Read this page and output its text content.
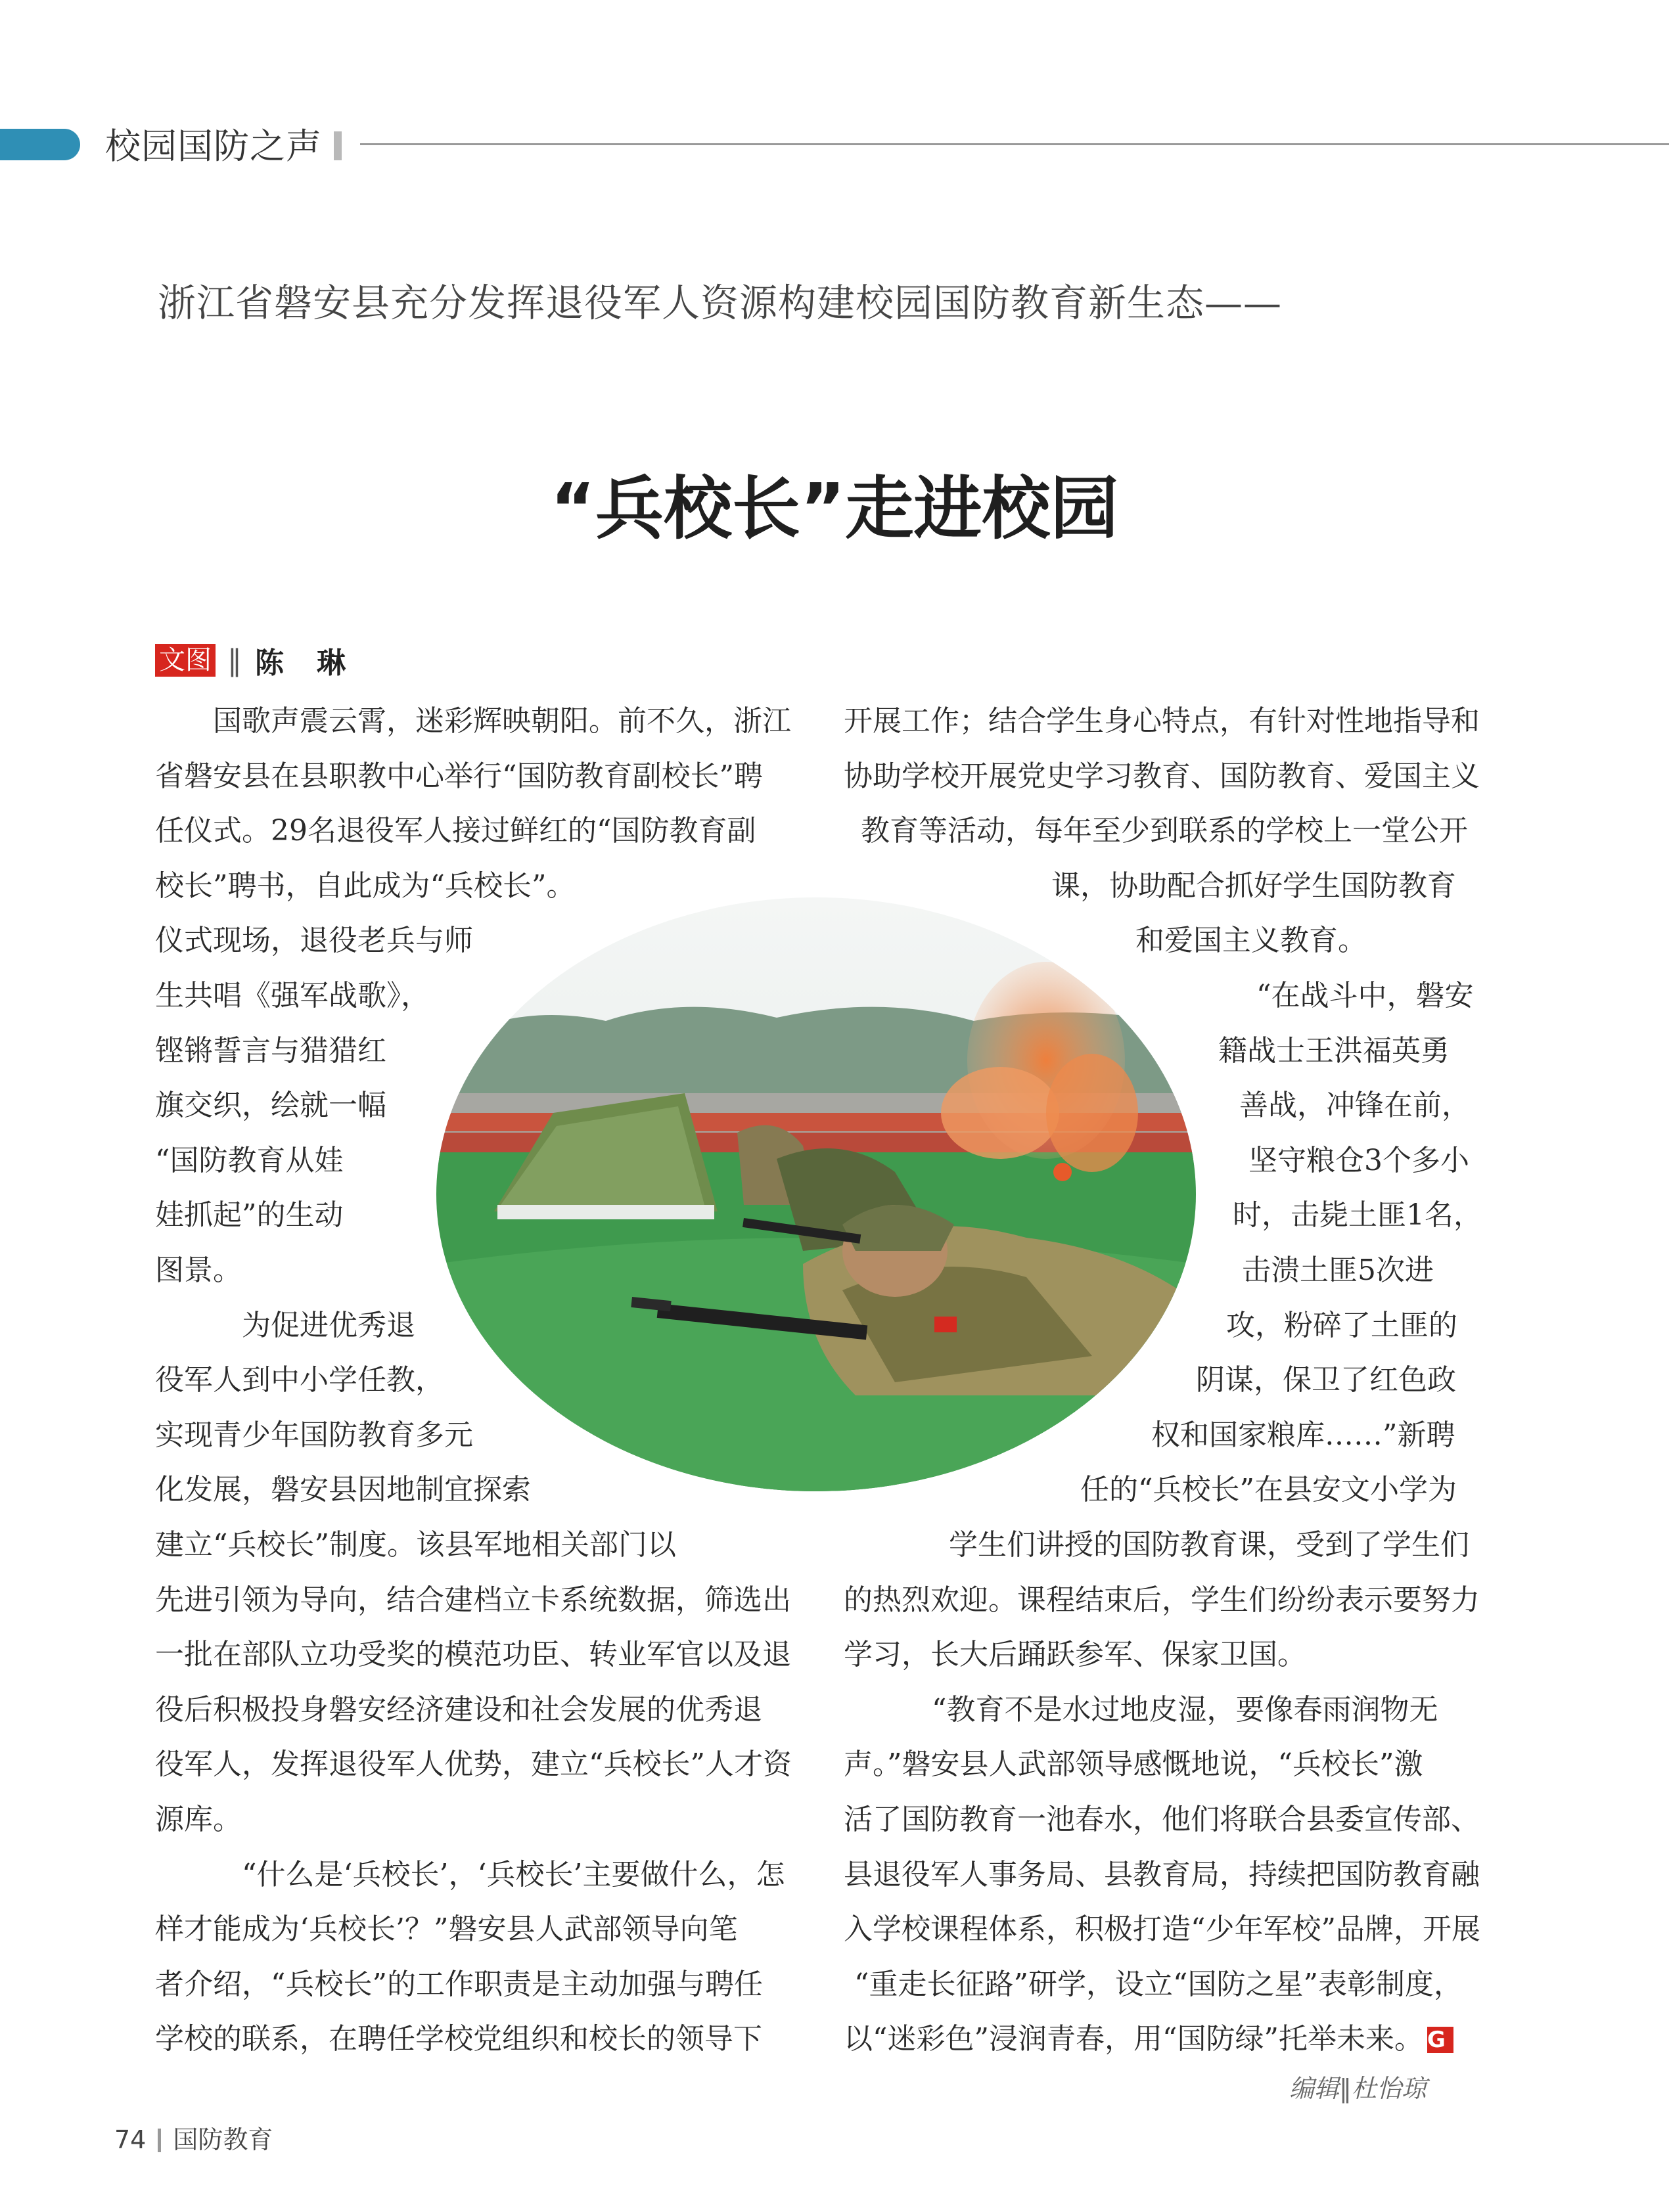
校园国防之声
浙江省磐安县充分发挥退役军人资源构建校园国防教育新生态——
“兵校长”走进校园
文图 ‖ 陈琳
国歌声震云霄，迷彩辉映朝阳。前不久，浙江
省磐安县在县职教中心举行“国防教育副校长”聘
任仪式。29名退役军人接过鲜红的“国防教育副
校长”聘书，自此成为“兵校长”。
仪式现场，退役老兵与师
生共唱《强军战歌》，
铿锵誓言与猎猎红
旗交织，绘就一幅
“国防教育从娃
娃抓起”的生动
图景。
为促进优秀退
役军人到中小学任教，
实现青少年国防教育多元
化发展，磐安县因地制宜探索
建立“兵校长”制度。该县军地相关部门以
先进引领为导向，结合建档立卡系统数据，筛选出
一批在部队立功受奖的模范功臣、转业军官以及退
役后积极投身磐安经济建设和社会发展的优秀退
役军人，发挥退役军人优势，建立“兵校长”人才资
源库。
“什么是‘兵校长’，‘兵校长’主要做什么，怎
样才能成为‘兵校长’？”磐安县人武部领导向笔
者介绍，“兵校长”的工作职责是主动加强与聘任
学校的联系，在聘任学校党组织和校长的领导下
开展工作；结合学生身心特点，有针对性地指导和
协助学校开展党史学习教育、国防教育、爱国主义
教育等活动，每年至少到联系的学校上一堂公开
课，协助配合抓好学生国防教育
和爱国主义教育。
“在战斗中，磐安
籍战士王洪福英勇
善战，冲锋在前，
坚守粮仓3个多小
时，击毙土匪1名，
击溃土匪5次进
攻，粉碎了土匪的
阴谋，保卫了红色政
权和国家粮库……”新聘
任的“兵校长”在县安文小学为
学生们讲授的国防教育课，受到了学生们
的热烈欢迎。课程结束后，学生们纷纷表示要努力
学习，长大后踊跃参军、保家卫国。
“教育不是水过地皮湿，要像春雨润物无
声。”磐安县人武部领导感慨地说，“兵校长”激
活了国防教育一池春水，他们将联合县委宣传部、
县退役军人事务局、县教育局，持续把国防教育融
入学校课程体系，积极打造“少年军校”品牌，开展
“重走长征路”研学，设立“国防之星”表彰制度，
以“迷彩色”浸润青春，用“国防绿”托举未来。 G
编辑‖杜怡琼
74 国防教育
